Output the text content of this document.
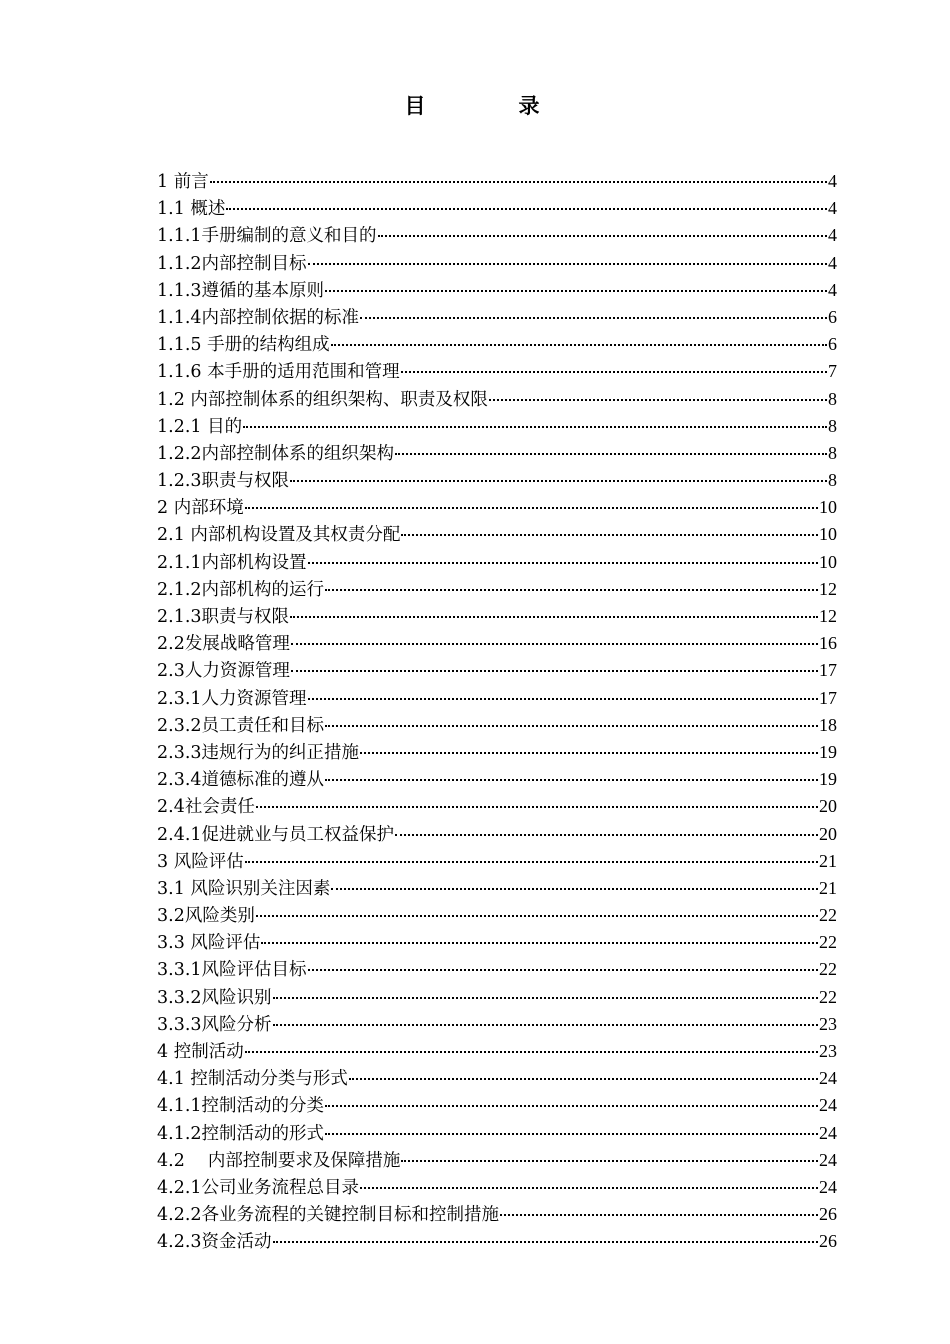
目　录
1 前言	4
1.1 概述	4
1.1.1手册编制的意义和目的	4
1.1.2内部控制目标	4
1.1.3遵循的基本原则	4
1.1.4内部控制依据的标准	6
1.1.5 手册的结构组成	6
1.1.6 本手册的适用范围和管理	7
1.2 内部控制体系的组织架构、职责及权限	8
1.2.1 目的	8
1.2.2内部控制体系的组织架构	8
1.2.3职责与权限	8
2 内部环境	10
2.1 内部机构设置及其权责分配	10
2.1.1内部机构设置	10
2.1.2内部机构的运行	12
2.1.3职责与权限	12
2.2发展战略管理	16
2.3人力资源管理	17
2.3.1人力资源管理	17
2.3.2员工责任和目标	18
2.3.3违规行为的纠正措施	19
2.3.4道德标准的遵从	19
2.4社会责任	20
2.4.1促进就业与员工权益保护	20
3 风险评估	21
3.1 风险识别关注因素	21
3.2风险类别	22
3.3 风险评估	22
3.3.1风险评估目标	22
3.3.2风险识别	22
3.3.3风险分析	23
4 控制活动	23
4.1 控制活动分类与形式	24
4.1.1控制活动的分类	24
4.1.2控制活动的形式	24
4.2　 内部控制要求及保障措施	24
4.2.1公司业务流程总目录	24
4.2.2各业务流程的关键控制目标和控制措施	26
4.2.3资金活动	26
